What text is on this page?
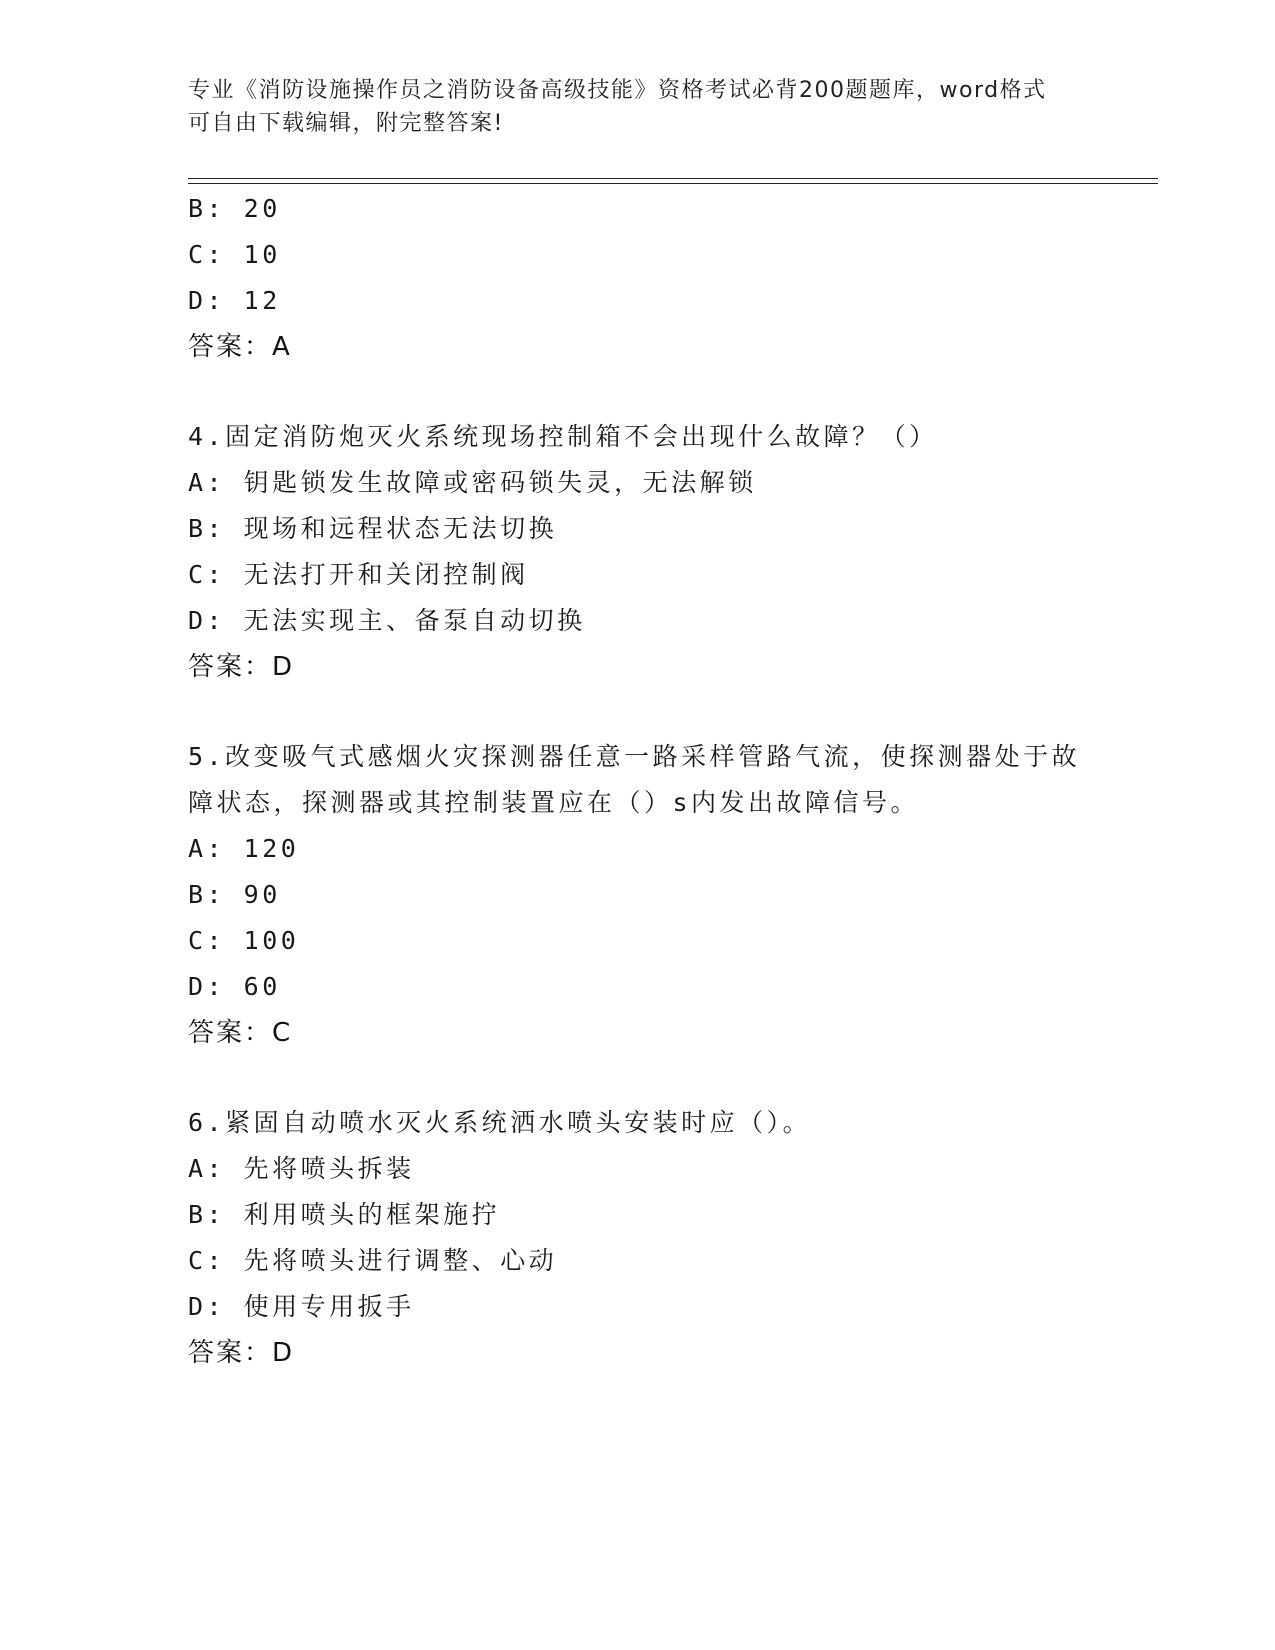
专业《消防设施操作员之消防设备高级技能》资格考试必背200题题库，word格式可自由下载编辑，附完整答案!
B: 20
C: 10
D: 12
答案：A
4.固定消防炮灭火系统现场控制箱不会出现什么故障？（）
A: 钥匙锁发生故障或密码锁失灵，无法解锁
B: 现场和远程状态无法切换
C: 无法打开和关闭控制阀
D: 无法实现主、备泵自动切换
答案：D
5.改变吸气式感烟火灾探测器任意一路采样管路气流，使探测器处于故障状态，探测器或其控制装置应在（）s内发出故障信号。
A: 120
B: 90
C: 100
D: 60
答案：C
6.紧固自动喷水灭火系统洒水喷头安装时应（）。
A: 先将喷头拆装
B: 利用喷头的框架施拧
C: 先将喷头进行调整、心动
D: 使用专用扳手
答案：D
